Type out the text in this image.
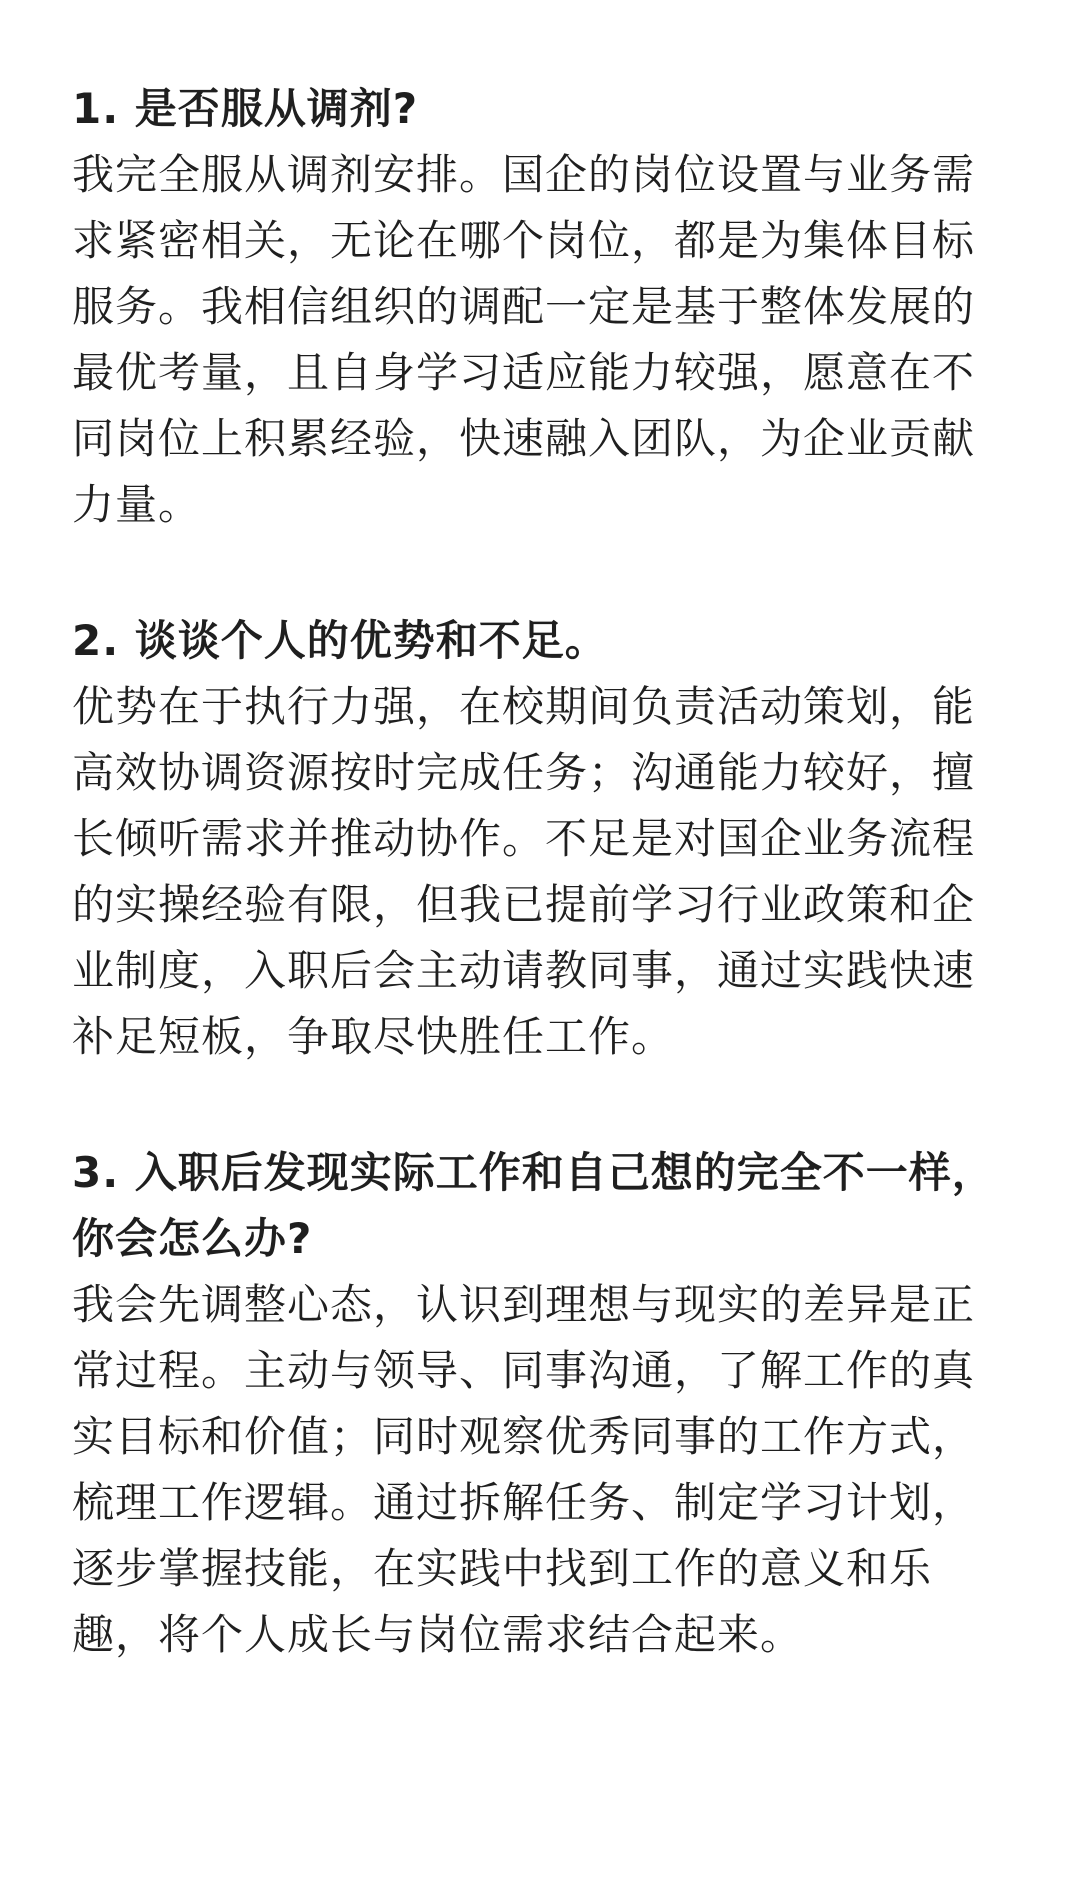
1. 是否服从调剂?

我完全服从调剂安排。国企的岗位设置与业务需求紧密相关，无论在哪个岗位，都是为集体目标服务。我相信组织的调配一定是基于整体发展的最优考量，且自身学习适应能力较强，愿意在不同岗位上积累经验，快速融入团队，为企业贡献力量。

2. 谈谈个人的优势和不足。

优势在于执行力强，在校期间负责活动策划，能高效协调资源按时完成任务；沟通能力较好，擅长倾听需求并推动协作。不足是对国企业务流程的实操经验有限，但我已提前学习行业政策和企业制度，入职后会主动请教同事，通过实践快速补足短板，争取尽快胜任工作。

3. 入职后发现实际工作和自己想的完全不一样，你会怎么办?

我会先调整心态，认识到理想与现实的差异是正常过程。主动与领导、同事沟通，了解工作的真实目标和价值；同时观察优秀同事的工作方式，梳理工作逻辑。通过拆解任务、制定学习计划，逐步掌握技能，在实践中找到工作的意义和乐趣，将个人成长与岗位需求结合起来。
